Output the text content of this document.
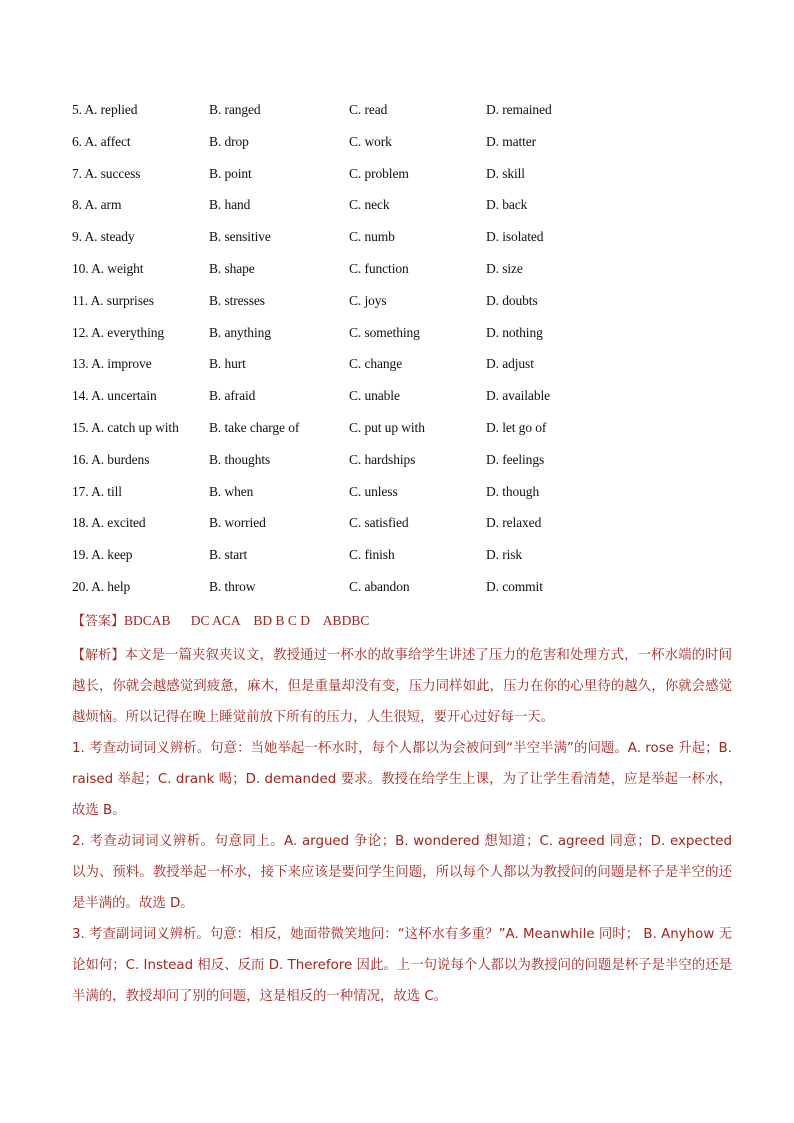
5. A. replied	B. ranged	C. read	D. remained
6. A. affect	B. drop	C. work	D. matter
7. A. success	B. point	C. problem	D. skill
8. A. arm	B. hand	C. neck	D. back
9. A. steady	B. sensitive	C. numb	D. isolated
10. A. weight	B. shape	C. function	D. size
11. A. surprises	B. stresses	C. joys	D. doubts
12. A. everything	B. anything	C. something	D. nothing
13. A. improve	B. hurt	C. change	D. adjust
14. A. uncertain	B. afraid	C. unable	D. available
15. A. catch up with B. take charge of	C. put up with	D. let go of
16. A. burdens	B. thoughts	C. hardships	D. feelings
17. A. till	B. when	C. unless	D. though
18. A. excited	B. worried	C. satisfied	D. relaxed
19. A. keep	B. start	C. finish	D. risk
20. A. help	B. throw	C. abandon	D. commit
【答案】BDCAB      DC ACA    BD B C D    ABDBC

【解析】本文是一篇夹叙夹议文，教授通过一杯水的故事给学生讲述了压力的危害和处理方式，一杯水端的时间越长，你就会越感觉到疲惫，麻木，但是重量却没有变，压力同样如此，压力在你的心里待的越久，你就会感觉越烦恼。所以记得在晚上睡觉前放下所有的压力，人生很短，要开心过好每一天。

1. 考查动词词义辨析。句意：当她举起一杯水时，每个人都以为会被问到“半空半满”的问题。A. rose 升起；B. raised 举起；C. drank 喝；D. demanded 要求。教授在给学生上课，为了让学生看清楚，应是举起一杯水，故选 B。

2. 考查动词词义辨析。句意同上。A. argued 争论；B. wondered 想知道；C. agreed 同意；D. expected 以为、预料。教授举起一杯水，接下来应该是要问学生问题，所以每个人都以为教授问的问题是杯子是半空的还是半满的。故选 D。

3. 考查副词词义辨析。句意：相反，她面带微笑地问：“这杯水有多重？”A. Meanwhile 同时； B. Anyhow 无论如何；C. Instead 相反、反而 D. Therefore 因此。上一句说每个人都以为教授问的问题是杯子是半空的还是半满的，教授却问了别的问题，这是相反的一种情况，故选 C。
